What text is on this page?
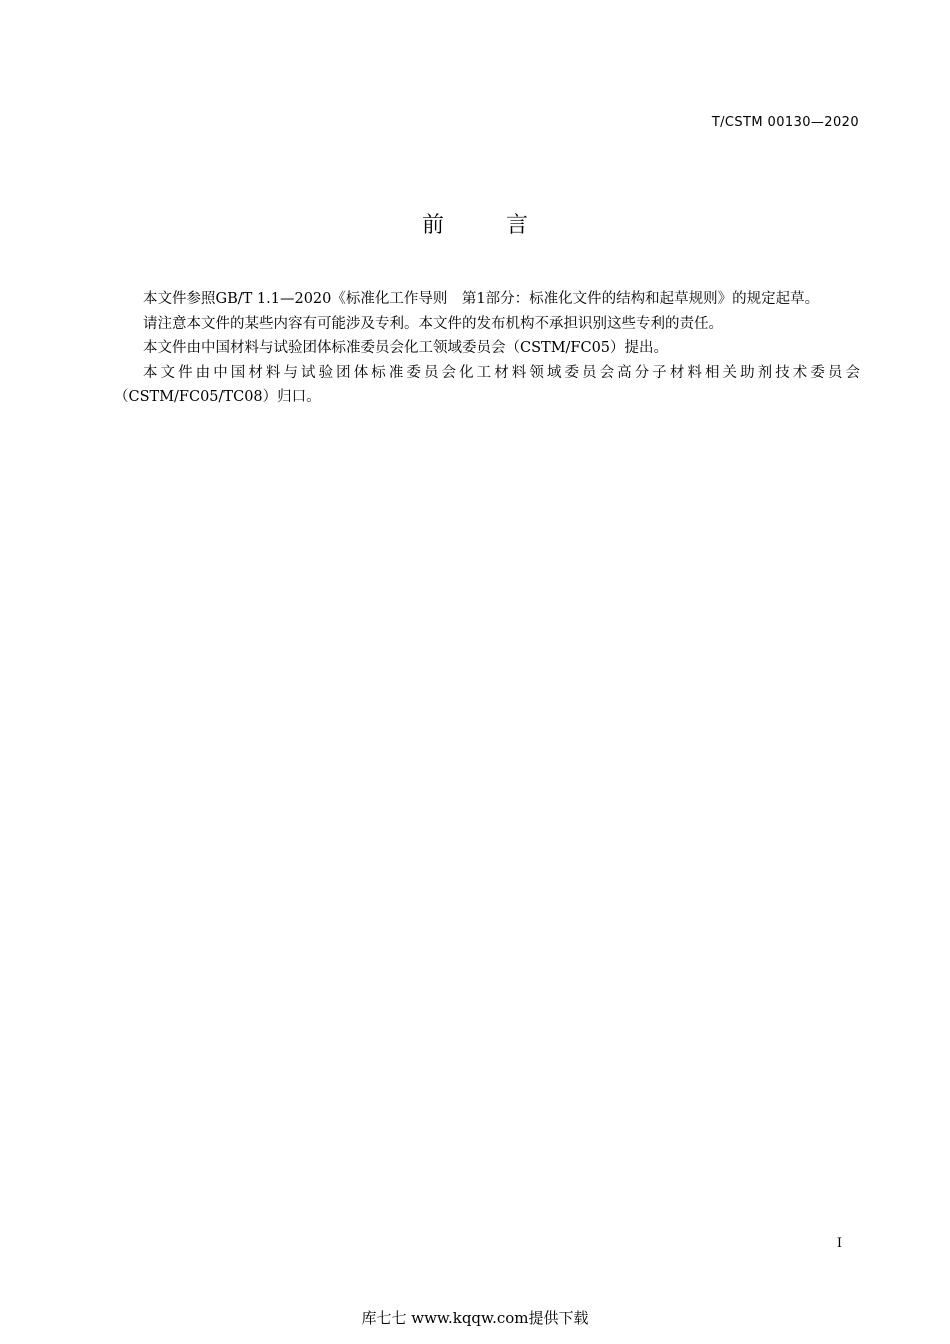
T/CSTM 00130—2020
前	言

本文件参照GB/T 1.1—2020《标准化工作导则　第1部分：标准化文件的结构和起草规则》的规定起草。

请注意本文件的某些内容有可能涉及专利。本文件的发布机构不承担识别这些专利的责任。

本文件由中国材料与试验团体标准委员会化工领域委员会（CSTM/FC05）提出。

本文件由中国材料与试验团体标准委员会化工材料领域委员会高分子材料相关助剂技术委员会（CSTM/FC05/TC08）归口。

I
库七七 www.kqqw.com提供下载
